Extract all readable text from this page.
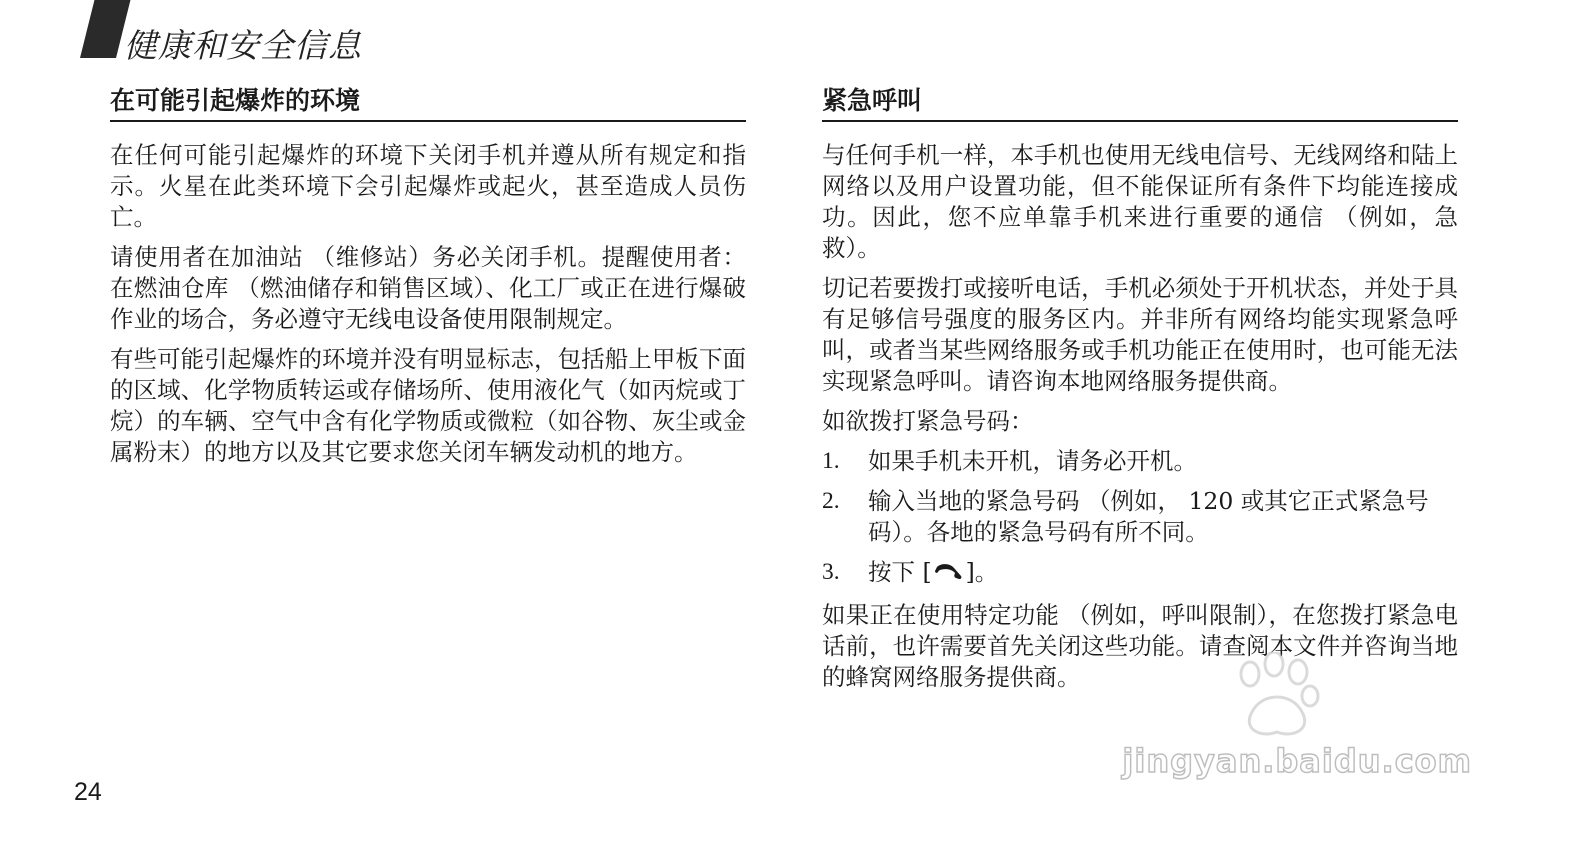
健康和安全信息
在可能引起爆炸的环境

在任何可能引起爆炸的环境下关闭手机并遵从所有规定和指示。火星在此类环境下会引起爆炸或起火，甚至造成人员伤亡。

请使用者在加油站 （维修站）务必关闭手机。提醒使用者：在燃油仓库 （燃油储存和销售区域）、化工厂或正在进行爆破作业的场合，务必遵守无线电设备使用限制规定。

有些可能引起爆炸的环境并没有明显标志，包括船上甲板下面的区域、化学物质转运或存储场所、使用液化气（如丙烷或丁烷）的车辆、空气中含有化学物质或微粒（如谷物、灰尘或金属粉末）的地方以及其它要求您关闭车辆发动机的地方。

紧急呼叫

与任何手机一样，本手机也使用无线电信号、无线网络和陆上网络以及用户设置功能，但不能保证所有条件下均能连接成功。因此，您不应单靠手机来进行重要的通信 （例如，急救）。

切记若要拨打或接听电话，手机必须处于开机状态，并处于具有足够信号强度的服务区内。并非所有网络均能实现紧急呼叫，或者当某些网络服务或手机功能正在使用时，也可能无法实现紧急呼叫。请咨询本地网络服务提供商。

如欲拨打紧急号码：

1.	如果手机未开机，请务必开机。
2.	输入当地的紧急号码 （例如， 120 或其它正式紧急号码）。各地的紧急号码有所不同。
3.	按下 [ ]。

如果正在使用特定功能 （例如，呼叫限制），在您拨打紧急电话前，也许需要首先关闭这些功能。请查阅本文件并咨询当地的蜂窝网络服务提供商。

24
jingyan.baidu.com
